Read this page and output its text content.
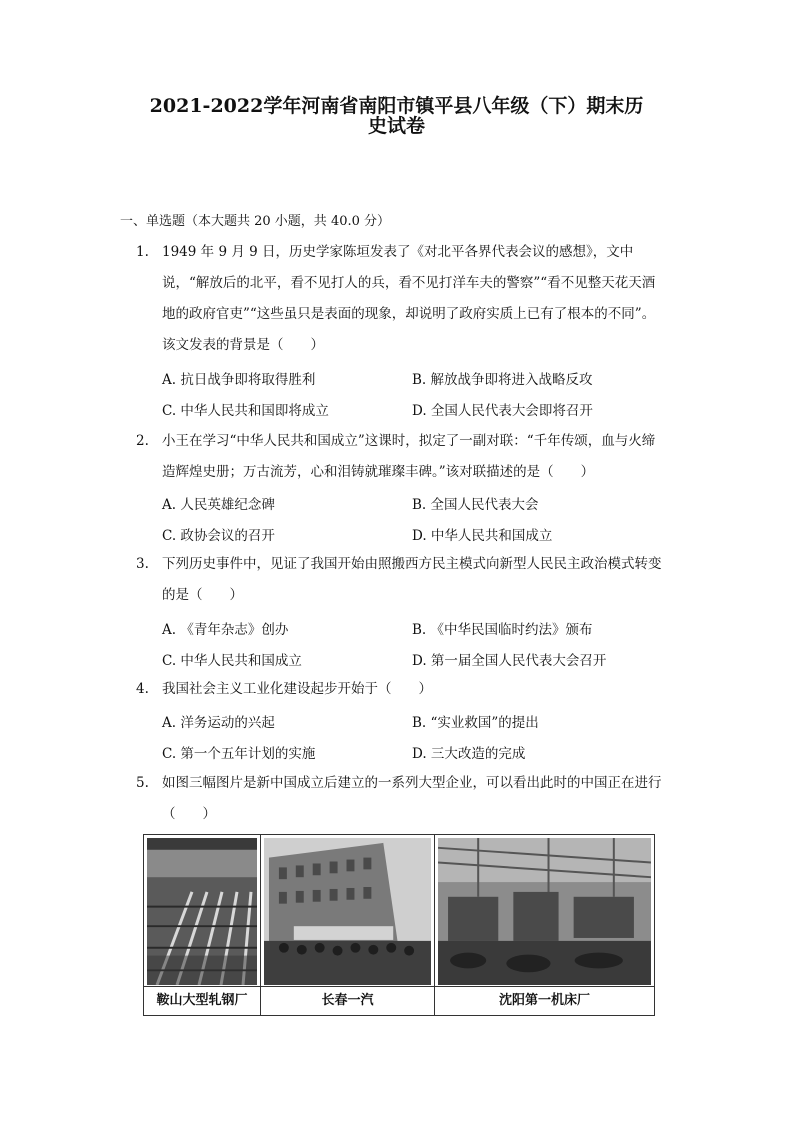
2021-2022学年河南省南阳市镇平县八年级（下）期末历
史试卷
一、单选题（本大题共 20 小题，共 40.0 分）
1. 1949 年 9 月 9 日，历史学家陈垣发表了《对北平各界代表会议的感想》，文中说，“解放后的北平，看不见打人的兵，看不见打洋车夫的警察”“看不见整天花天酒地的政府官吏”“这些虽只是表面的现象，却说明了政府实质上已有了根本的不同”。该文发表的背景是（　　）
A. 抗日战争即将取得胜利	B. 解放战争即将进入战略反攻
C. 中华人民共和国即将成立	D. 全国人民代表大会即将召开
2. 小王在学习“中华人民共和国成立”这课时，拟定了一副对联：“千年传颂，血与火缔造辉煌史册；万古流芳，心和泪铸就璀璨丰碑。”该对联描述的是（　　）
A. 人民英雄纪念碑	B. 全国人民代表大会
C. 政协会议的召开	D. 中华人民共和国成立
3. 下列历史事件中，见证了我国开始由照搬西方民主模式向新型人民民主政治模式转变的是（　　）
A. 《青年杂志》创办	B. 《中华民国临时约法》颁布
C. 中华人民共和国成立	D. 第一届全国人民代表大会召开
4. 我国社会主义工业化建设起步开始于（　　）
A. 洋务运动的兴起	B. “实业救国”的提出
C. 第一个五年计划的实施	D. 三大改造的完成
5. 如图三幅图片是新中国成立后建立的一系列大型企业，可以看出此时的中国正在进行（　　）
鞍山大型轧钢厂	长春一汽	沈阳第一机床厂
